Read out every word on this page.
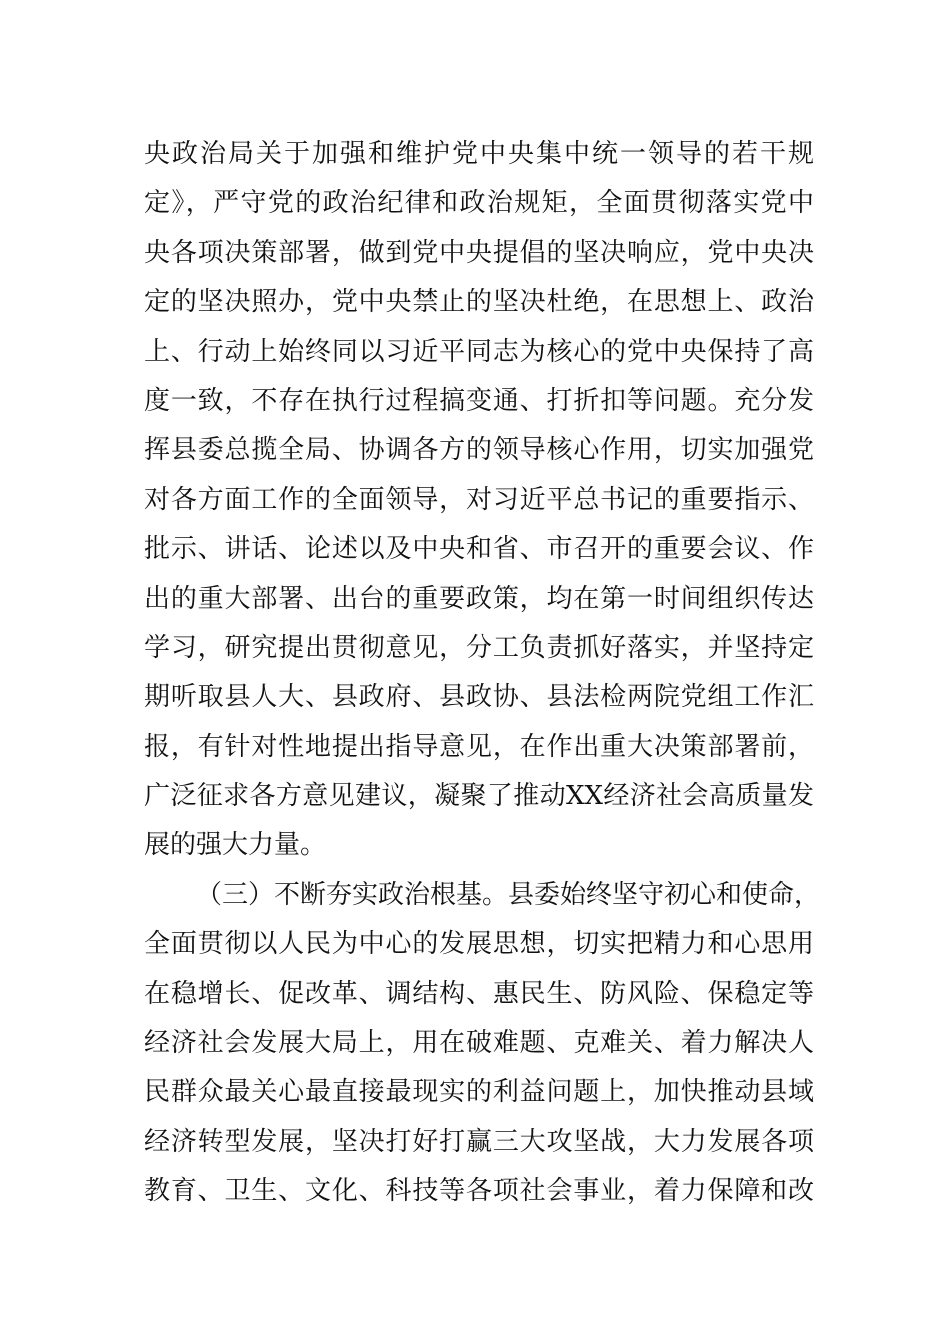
央政治局关于加强和维护党中央集中统一领导的若干规
定》，严守党的政治纪律和政治规矩，全面贯彻落实党中
央各项决策部署，做到党中央提倡的坚决响应，党中央决
定的坚决照办，党中央禁止的坚决杜绝，在思想上、政治
上、行动上始终同以习近平同志为核心的党中央保持了高
度一致，不存在执行过程搞变通、打折扣等问题。充分发
挥县委总揽全局、协调各方的领导核心作用，切实加强党
对各方面工作的全面领导，对习近平总书记的重要指示、
批示、讲话、论述以及中央和省、市召开的重要会议、作
出的重大部署、出台的重要政策，均在第一时间组织传达
学习，研究提出贯彻意见，分工负责抓好落实，并坚持定
期听取县人大、县政府、县政协、县法检两院党组工作汇
报，有针对性地提出指导意见，在作出重大决策部署前，
广泛征求各方意见建议，凝聚了推动XX经济社会高质量发
展的强大力量。
（三）不断夯实政治根基。县委始终坚守初心和使命，
全面贯彻以人民为中心的发展思想，切实把精力和心思用
在稳增长、促改革、调结构、惠民生、防风险、保稳定等
经济社会发展大局上，用在破难题、克难关、着力解决人
民群众最关心最直接最现实的利益问题上，加快推动县域
经济转型发展，坚决打好打赢三大攻坚战，大力发展各项
教育、卫生、文化、科技等各项社会事业，着力保障和改
